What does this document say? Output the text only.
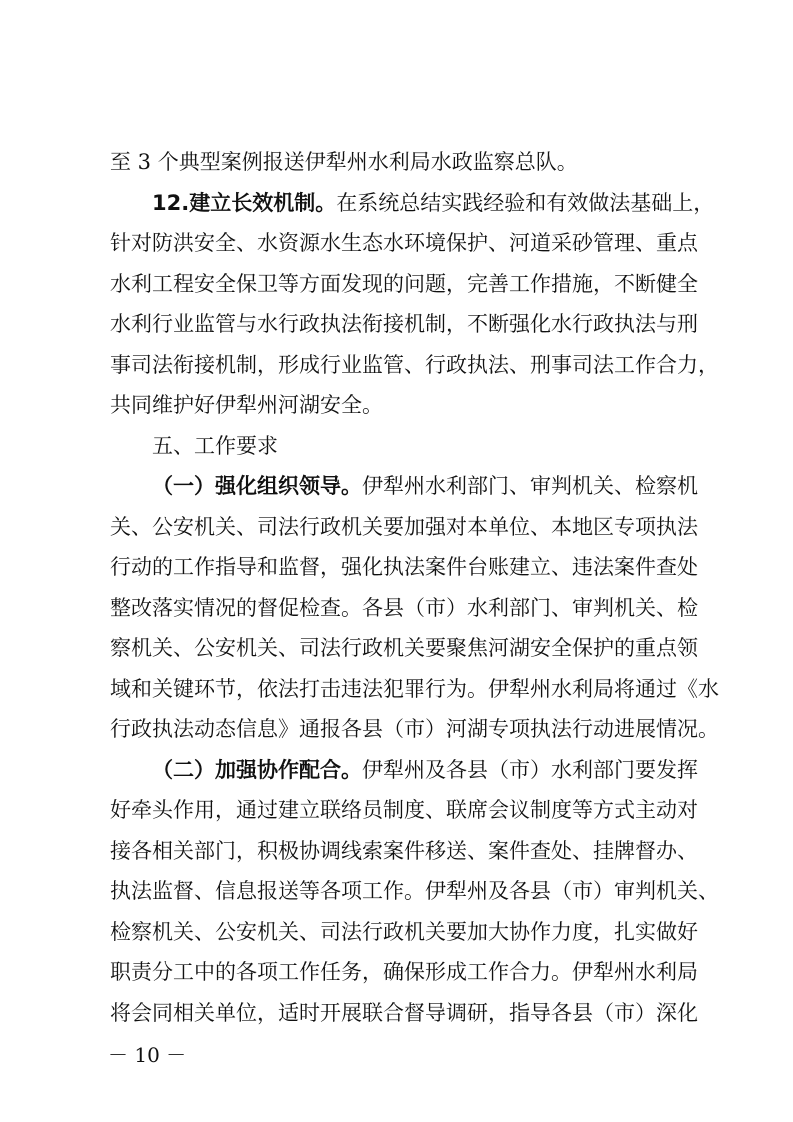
至 3 个典型案例报送伊犁州水利局水政监察总队。
12.建立长效机制。在系统总结实践经验和有效做法基础上，
针对防洪安全、水资源水生态水环境保护、河道采砂管理、重点
水利工程安全保卫等方面发现的问题，完善工作措施，不断健全
水利行业监管与水行政执法衔接机制，不断强化水行政执法与刑
事司法衔接机制，形成行业监管、行政执法、刑事司法工作合力，
共同维护好伊犁州河湖安全。
五、工作要求
（一）强化组织领导。伊犁州水利部门、审判机关、检察机
关、公安机关、司法行政机关要加强对本单位、本地区专项执法
行动的工作指导和监督，强化执法案件台账建立、违法案件查处
整改落实情况的督促检查。各县（市）水利部门、审判机关、检
察机关、公安机关、司法行政机关要聚焦河湖安全保护的重点领
域和关键环节，依法打击违法犯罪行为。伊犁州水利局将通过《水
行政执法动态信息》通报各县（市）河湖专项执法行动进展情况。
（二）加强协作配合。伊犁州及各县（市）水利部门要发挥
好牵头作用，通过建立联络员制度、联席会议制度等方式主动对
接各相关部门，积极协调线索案件移送、案件查处、挂牌督办、
执法监督、信息报送等各项工作。伊犁州及各县（市）审判机关、
检察机关、公安机关、司法行政机关要加大协作力度，扎实做好
职责分工中的各项工作任务，确保形成工作合力。伊犁州水利局
将会同相关单位，适时开展联合督导调研，指导各县（市）深化
－ 10 －
